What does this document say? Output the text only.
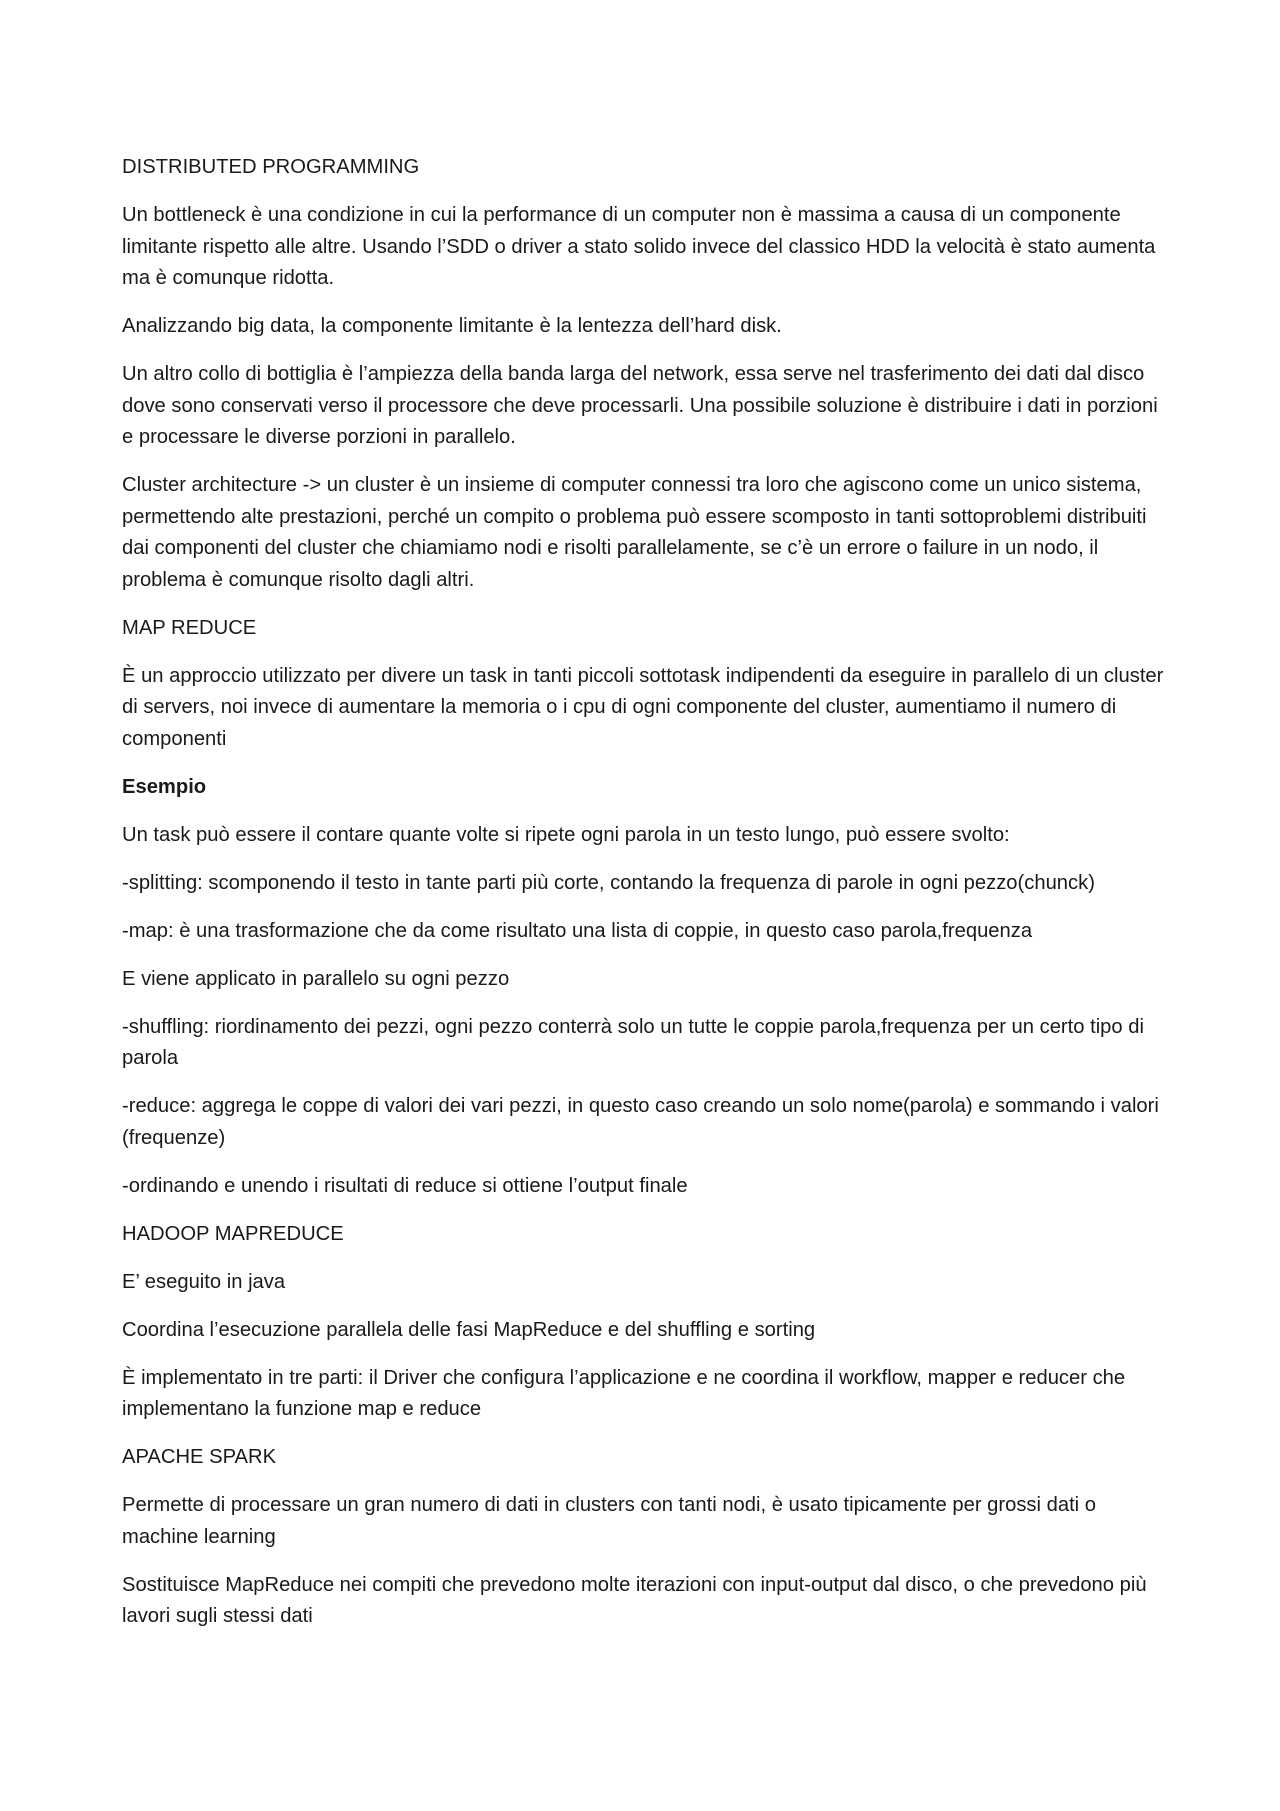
DISTRIBUTED PROGRAMMING

Un bottleneck è una condizione in cui la performance di un computer non è massima a causa di un componente limitante rispetto alle altre. Usando l’SDD o driver a stato solido invece del classico HDD la velocità è stato aumenta ma è comunque ridotta.

Analizzando big data, la componente limitante è la lentezza dell’hard disk.

Un altro collo di bottiglia è l’ampiezza della banda larga del network, essa serve nel trasferimento dei dati dal disco dove sono conservati verso il processore che deve processarli. Una possibile soluzione è distribuire i dati in porzioni e processare le diverse porzioni in parallelo.

Cluster architecture -> un cluster è un insieme di computer connessi tra loro che agiscono come un unico sistema, permettendo alte prestazioni, perché un compito o problema può essere scomposto in tanti sottoproblemi distribuiti dai componenti del cluster che chiamiamo nodi e risolti parallelamente, se c’è un errore o failure in un nodo, il problema è comunque risolto dagli altri.

MAP REDUCE

È un approccio utilizzato per divere un task in tanti piccoli sottotask indipendenti da eseguire in parallelo di un cluster di servers, noi invece di aumentare la memoria o i cpu di ogni componente del cluster, aumentiamo il numero di componenti

Esempio

Un task può essere il contare quante volte si ripete ogni parola in un testo lungo, può essere svolto:

-splitting: scomponendo il testo in tante parti più corte, contando la frequenza di parole in ogni pezzo(chunck)

-map: è una trasformazione che da come risultato una lista di coppie, in questo caso parola,frequenza

E viene applicato in parallelo su ogni pezzo

-shuffling: riordinamento dei pezzi, ogni pezzo conterrà solo un tutte le coppie parola,frequenza per un certo tipo di parola

-reduce: aggrega le coppe di valori dei vari pezzi, in questo caso creando un solo nome(parola) e sommando i valori (frequenze)

-ordinando e unendo i risultati di reduce si ottiene l’output finale

HADOOP MAPREDUCE

E’ eseguito in java

Coordina l’esecuzione parallela delle fasi MapReduce e del shuffling e sorting

È implementato in tre parti: il Driver che configura l’applicazione e ne coordina il workflow, mapper e reducer che implementano la funzione map e reduce

APACHE SPARK

Permette di processare un gran numero di dati in clusters con tanti nodi, è usato tipicamente per grossi dati o machine learning

Sostituisce MapReduce nei compiti che prevedono molte iterazioni con input-output dal disco, o che prevedono più lavori sugli stessi dati
